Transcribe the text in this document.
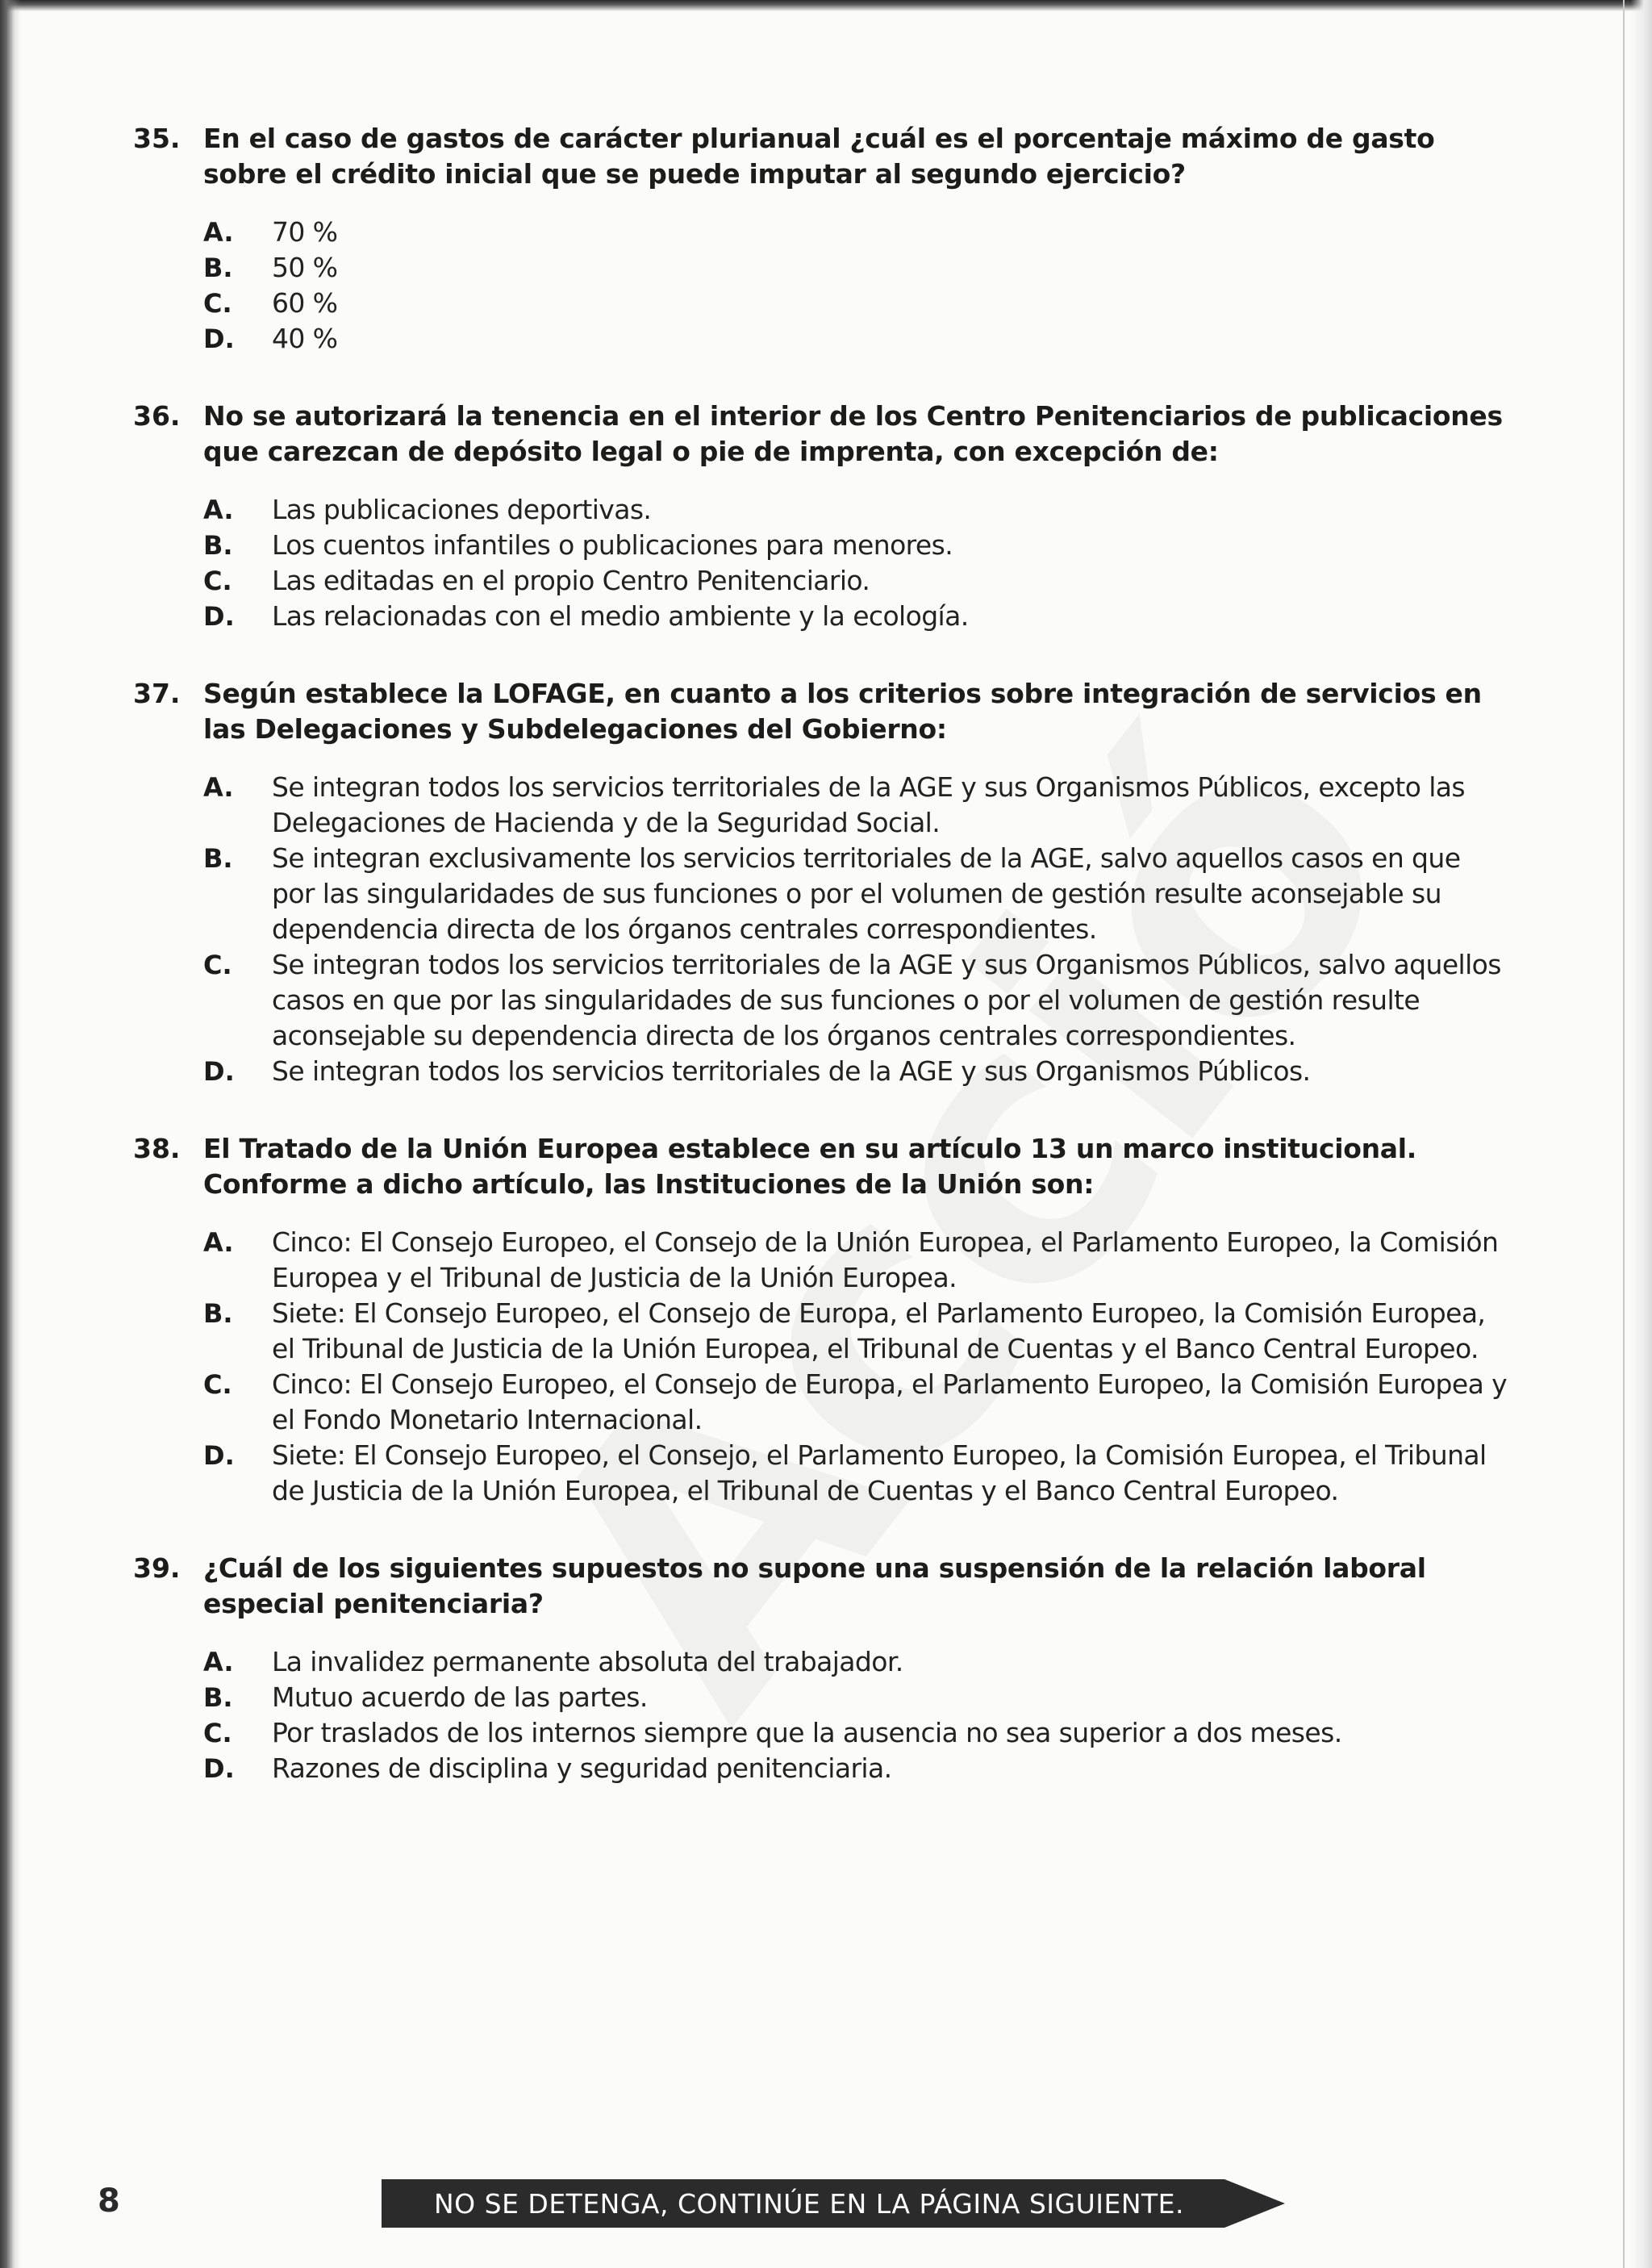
35. En el caso de gastos de carácter plurianual ¿cuál es el porcentaje máximo de gasto sobre el crédito inicial que se puede imputar al segundo ejercicio?
A. 70 %
B. 50 %
C. 60 %
D. 40 %
36. No se autorizará la tenencia en el interior de los Centro Penitenciarios de publicaciones que carezcan de depósito legal o pie de imprenta, con excepción de:
A. Las publicaciones deportivas.
B. Los cuentos infantiles o publicaciones para menores.
C. Las editadas en el propio Centro Penitenciario.
D. Las relacionadas con el medio ambiente y la ecología.
37. Según establece la LOFAGE, en cuanto a los criterios sobre integración de servicios en las Delegaciones y Subdelegaciones del Gobierno:
A. Se integran todos los servicios territoriales de la AGE y sus Organismos Públicos, excepto las Delegaciones de Hacienda y de la Seguridad Social.
B. Se integran exclusivamente los servicios territoriales de la AGE, salvo aquellos casos en que por las singularidades de sus funciones o por el volumen de gestión resulte aconsejable su dependencia directa de los órganos centrales correspondientes.
C. Se integran todos los servicios territoriales de la AGE y sus Organismos Públicos, salvo aquellos casos en que por las singularidades de sus funciones o por el volumen de gestión resulte aconsejable su dependencia directa de los órganos centrales correspondientes.
D. Se integran todos los servicios territoriales de la AGE y sus Organismos Públicos.
38. El Tratado de la Unión Europea establece en su artículo 13 un marco institucional. Conforme a dicho artículo, las Instituciones de la Unión son:
A. Cinco: El Consejo Europeo, el Consejo de la Unión Europea, el Parlamento Europeo, la Comisión Europea y el Tribunal de Justicia de la Unión Europea.
B. Siete: El Consejo Europeo, el Consejo de Europa, el Parlamento Europeo, la Comisión Europea, el Tribunal de Justicia de la Unión Europea, el Tribunal de Cuentas y el Banco Central Europeo.
C. Cinco: El Consejo Europeo, el Consejo de Europa, el Parlamento Europeo, la Comisión Europea y el Fondo Monetario Internacional.
D. Siete: El Consejo Europeo, el Consejo, el Parlamento Europeo, la Comisión Europea, el Tribunal de Justicia de la Unión Europea, el Tribunal de Cuentas y el Banco Central Europeo.
39. ¿Cuál de los siguientes supuestos no supone una suspensión de la relación laboral especial penitenciaria?
A. La invalidez permanente absoluta del trabajador.
B. Mutuo acuerdo de las partes.
C. Por traslados de los internos siempre que la ausencia no sea superior a dos meses.
D. Razones de disciplina y seguridad penitenciaria.
8	NO SE DETENGA, CONTINÚE EN LA PÁGINA SIGUIENTE.
